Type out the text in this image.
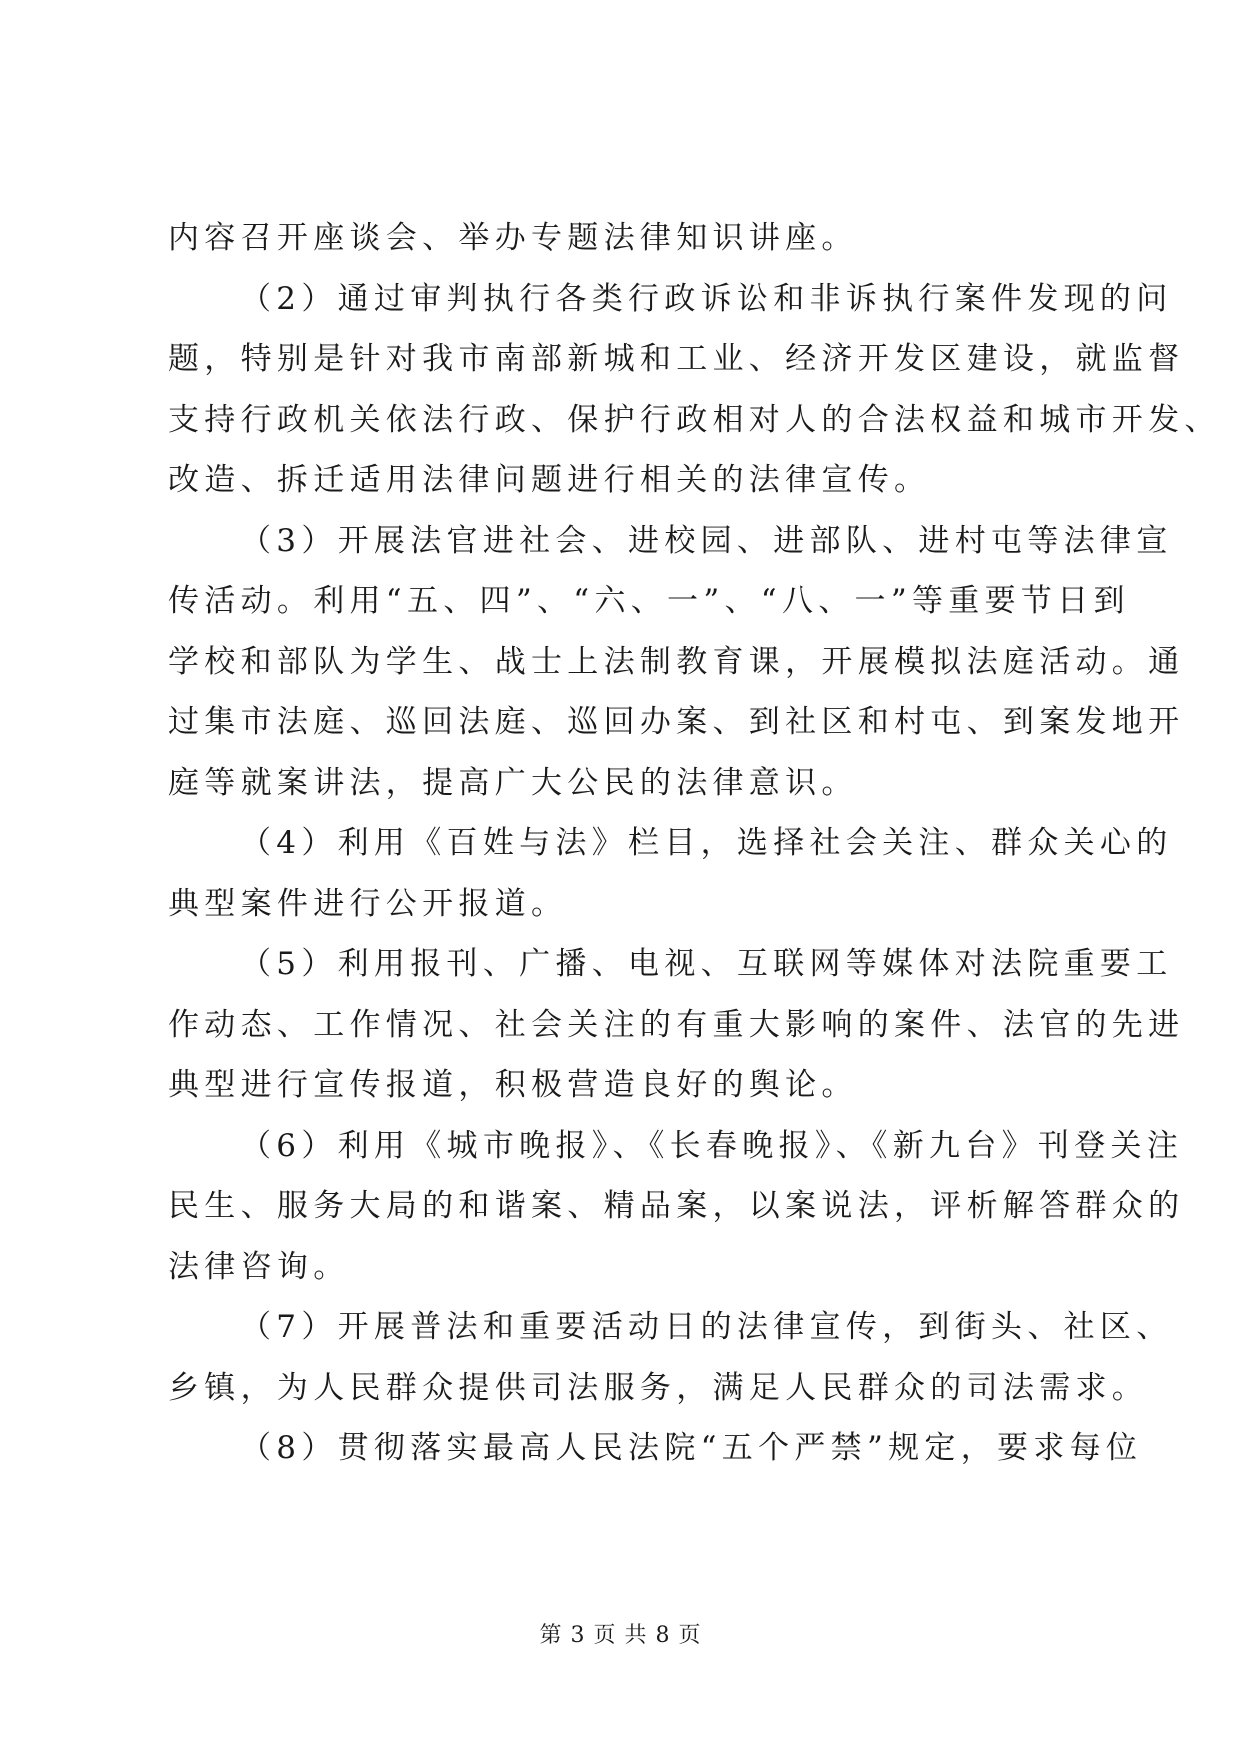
内容召开座谈会、举办专题法律知识讲座。

（2）通过审判执行各类行政诉讼和非诉执行案件发现的问
题，特别是针对我市南部新城和工业、经济开发区建设，就监督
支持行政机关依法行政、保护行政相对人的合法权益和城市开发、
改造、拆迁适用法律问题进行相关的法律宣传。

（3）开展法官进社会、进校园、进部队、进村屯等法律宣
传活动。利用“五、四”、“六、一”、“八、一”等重要节日到
学校和部队为学生、战士上法制教育课，开展模拟法庭活动。通
过集市法庭、巡回法庭、巡回办案、到社区和村屯、到案发地开
庭等就案讲法，提高广大公民的法律意识。

（4）利用《百姓与法》栏目，选择社会关注、群众关心的
典型案件进行公开报道。

（5）利用报刊、广播、电视、互联网等媒体对法院重要工
作动态、工作情况、社会关注的有重大影响的案件、法官的先进
典型进行宣传报道，积极营造良好的舆论。

（6）利用《城市晚报》、《长春晚报》、《新九台》刊登关注
民生、服务大局的和谐案、精品案，以案说法，评析解答群众的
法律咨询。

（7）开展普法和重要活动日的法律宣传，到街头、社区、
乡镇，为人民群众提供司法服务，满足人民群众的司法需求。

（8）贯彻落实最高人民法院“五个严禁”规定，要求每位

第 3 页 共 8 页
